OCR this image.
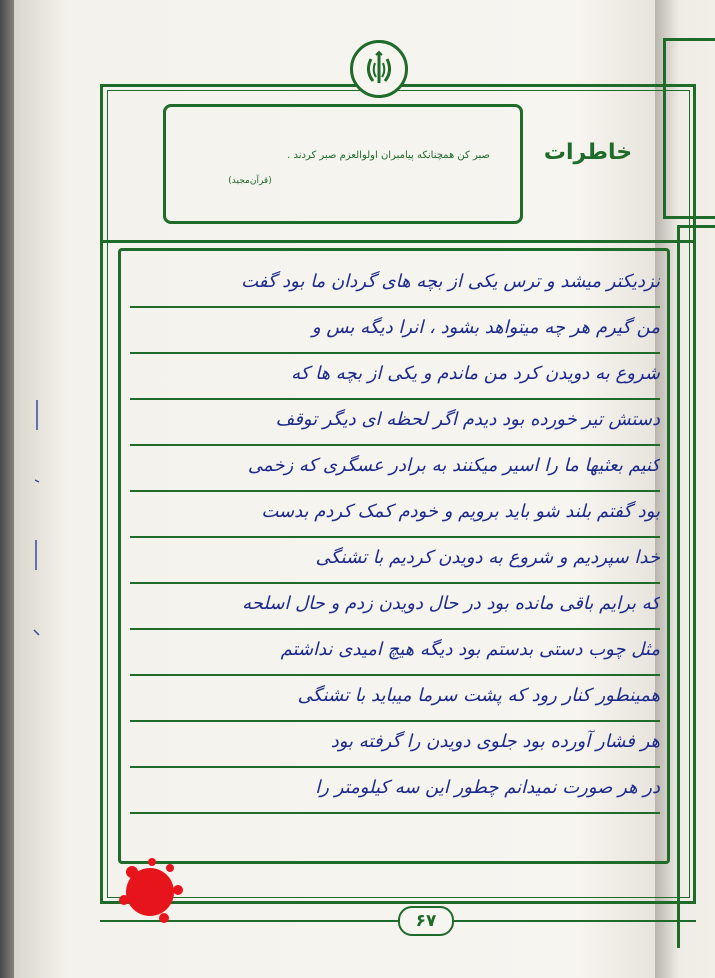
صبر کن همچنانکه پیامبران اولوالعزم صبر کردند .
(قرآن‌مجید)
خاطرات
نزدیکتر میشد و ترس یکی از بچه های گردان ما بود گفت
من گیرم هر چه میتواهد بشود ، انرا دیگه بس و
شروع به دویدن کرد من ماندم و یکی از بچه ها که
دستش تیر خورده بود دیدم اگر لحظه ای دیگر توقف
کنیم بعثیها ما را اسیر میکنند به برادر عسگری که زخمی
بود گفتم بلند شو باید برویم و خودم کمک کردم بدست
خدا سپردیم و شروع به دویدن کردیم با تشنگی
که برایم باقی مانده بود در حال دویدن زدم و حال اسلحه
مثل چوب دستی بدستم بود دیگه هیچ امیدی نداشتم
همینطور کنار رود که پشت سرما میباید با تشنگی
هر فشار آورده بود جلوی دویدن را گرفته بود
در هر صورت نمیدانم چطور این سه کیلومتر را
۶۷
